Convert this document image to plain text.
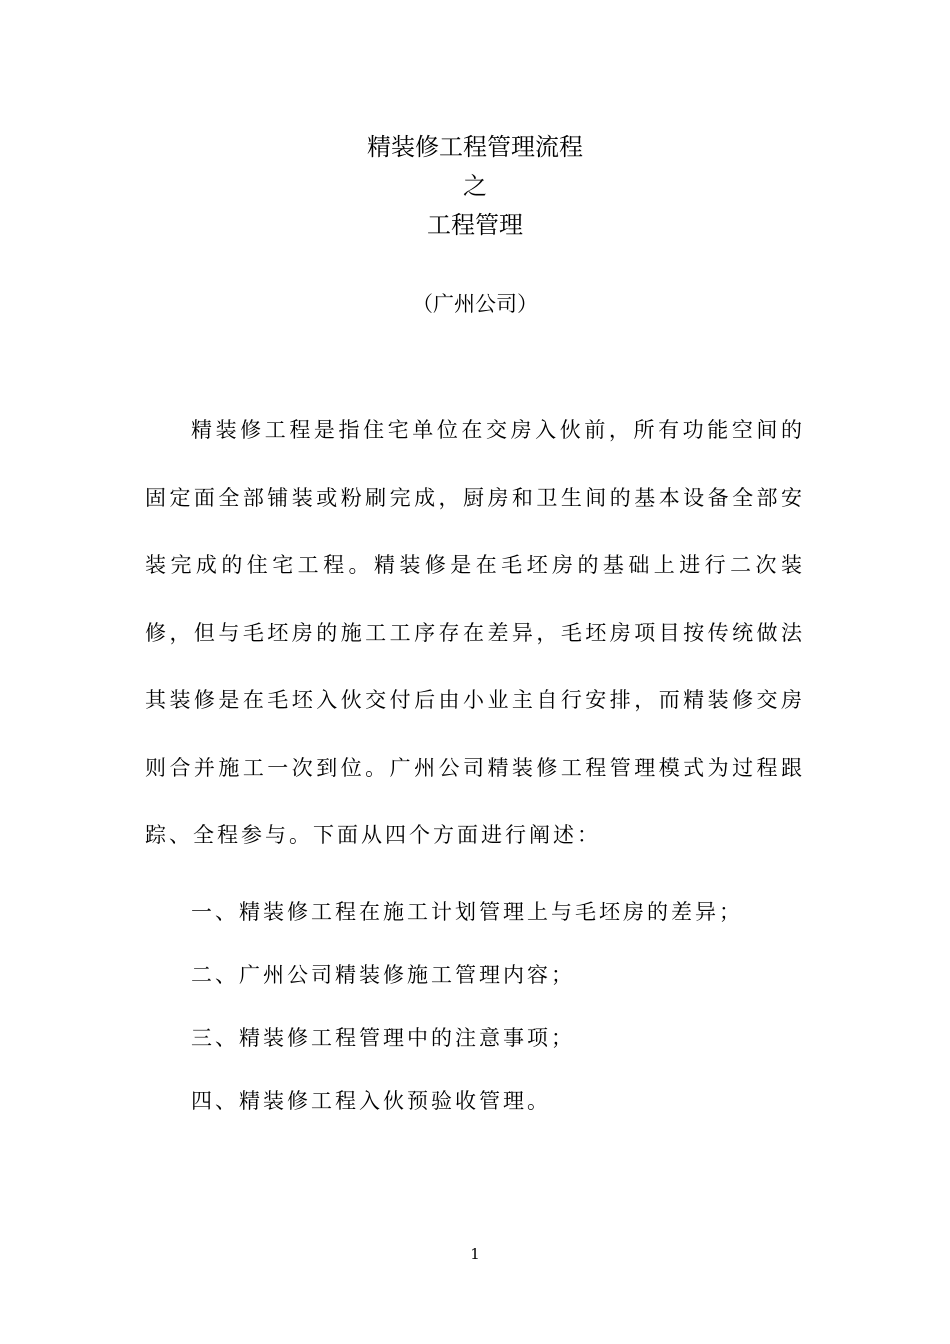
精装修工程管理流程
之
工程管理
（广州公司）

精装修工程是指住宅单位在交房入伙前，所有功能空间的固定面全部铺装或粉刷完成，厨房和卫生间的基本设备全部安装完成的住宅工程。精装修是在毛坯房的基础上进行二次装修，但与毛坯房的施工工序存在差异，毛坯房项目按传统做法其装修是在毛坯入伙交付后由小业主自行安排，而精装修交房则合并施工一次到位。广州公司精装修工程管理模式为过程跟踪、全程参与。下面从四个方面进行阐述：

一、精装修工程在施工计划管理上与毛坯房的差异；
二、广州公司精装修施工管理内容；
三、精装修工程管理中的注意事项；
四、精装修工程入伙预验收管理。
1
